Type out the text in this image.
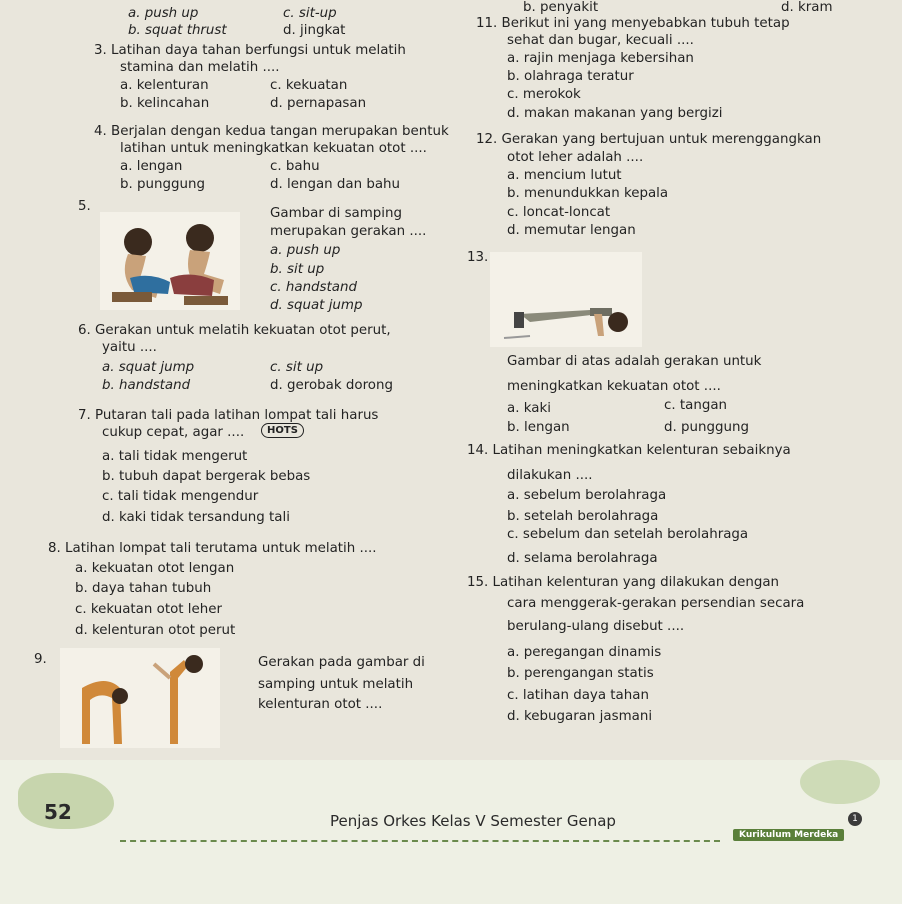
a. push up	c. sit-up
b. squat thrust	d. jingkat
b. penyakit	d. kram
11. Berikut ini yang menyebabkan tubuh tetap
sehat dan bugar, kecuali ....
a. rajin menjaga kebersihan
b. olahraga teratur
c. merokok
d. makan makanan yang bergizi
3. Latihan daya tahan berfungsi untuk melatih
stamina dan melatih ....
a. kelenturan	c. kekuatan
b. kelincahan	d. pernapasan
4. Berjalan dengan kedua tangan merupakan bentuk
latihan untuk meningkatkan kekuatan otot ....
a. lengan	c. bahu
b. punggung	d. lengan dan bahu
12. Gerakan yang bertujuan untuk merenggangkan
otot leher adalah ....
a. mencium lutut
b. menundukkan kepala
c. loncat-loncat
d. memutar lengan
5.	Gambar di samping
merupakan gerakan ....
a. push up
b. sit up
c. handstand
d. squat jump
13.
6. Gerakan untuk melatih kekuatan otot perut,
yaitu ....
a. squat jump	c. sit up
b. handstand	d. gerobak dorong
Gambar di atas adalah gerakan untuk
meningkatkan kekuatan otot ....
a. kaki	c. tangan
b. lengan	d. punggung
7. Putaran tali pada latihan lompat tali harus
cukup cepat, agar ....
a. tali tidak mengerut
b. tubuh dapat bergerak bebas
c. tali tidak mengendur
d. kaki tidak tersandung tali
14. Latihan meningkatkan kelenturan sebaiknya
dilakukan ....
a. sebelum berolahraga
b. setelah berolahraga
c. sebelum dan setelah berolahraga
d. selama berolahraga
8. Latihan lompat tali terutama untuk melatih ....
a. kekuatan otot lengan
b. daya tahan tubuh
c. kekuatan otot leher
d. kelenturan otot perut
15. Latihan kelenturan yang dilakukan dengan
cara menggerak-gerakan persendian secara
berulang-ulang disebut ....
a. peregangan dinamis
b. perengangan statis
c. latihan daya tahan
d. kebugaran jasmani
9.	Gerakan pada gambar di
samping untuk melatih
kelenturan otot ....
HOTS
52	Penjas Orkes Kelas V Semester Genap
Kurikulum Merdeka
1
